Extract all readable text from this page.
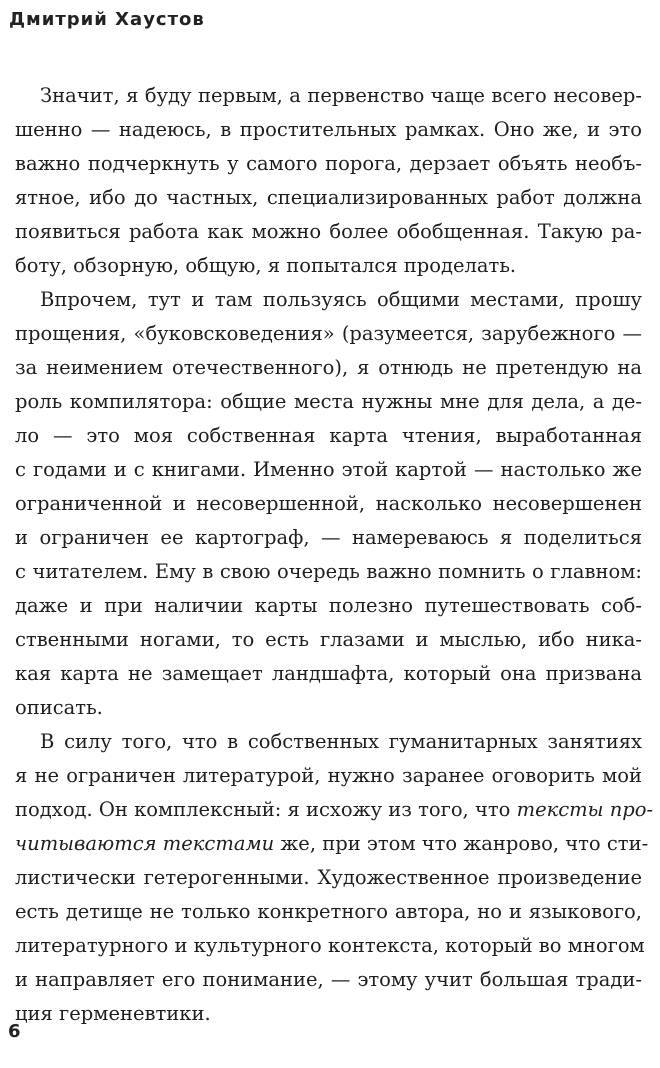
Дмитрий Хаустов
Значит, я буду первым, а первенство чаще всего несовер-
шенно — надеюсь, в простительных рамках. Оно же, и это
важно подчеркнуть у самого порога, дерзает объять необъ-
ятное, ибо до частных, специализированных работ должна
появиться работа как можно более обобщенная. Такую ра-
боту, обзорную, общую, я попытался проделать.
Впрочем, тут и там пользуясь общими местами, прошу
прощения, «буковсковедения» (разумеется, зарубежного —
за неимением отечественного), я отнюдь не претендую на
роль компилятора: общие места нужны мне для дела, а де-
ло — это моя собственная карта чтения, выработанная
с годами и с книгами. Именно этой картой — настолько же
ограниченной и несовершенной, насколько несовершенен
и ограничен ее картограф, — намереваюсь я поделиться
с читателем. Ему в свою очередь важно помнить о главном:
даже и при наличии карты полезно путешествовать соб-
ственными ногами, то есть глазами и мыслью, ибо ника-
кая карта не замещает ландшафта, который она призвана
описать.
В силу того, что в собственных гуманитарных занятиях
я не ограничен литературой, нужно заранее оговорить мой
подход. Он комплексный: я исхожу из того, что тексты про-
читываются текстами же, при этом что жанрово, что сти-
листически гетерогенными. Художественное произведение
есть детище не только конкретного автора, но и языкового,
литературного и культурного контекста, который во многом
и направляет его понимание, — этому учит большая тради-
ция герменевтики.
6
